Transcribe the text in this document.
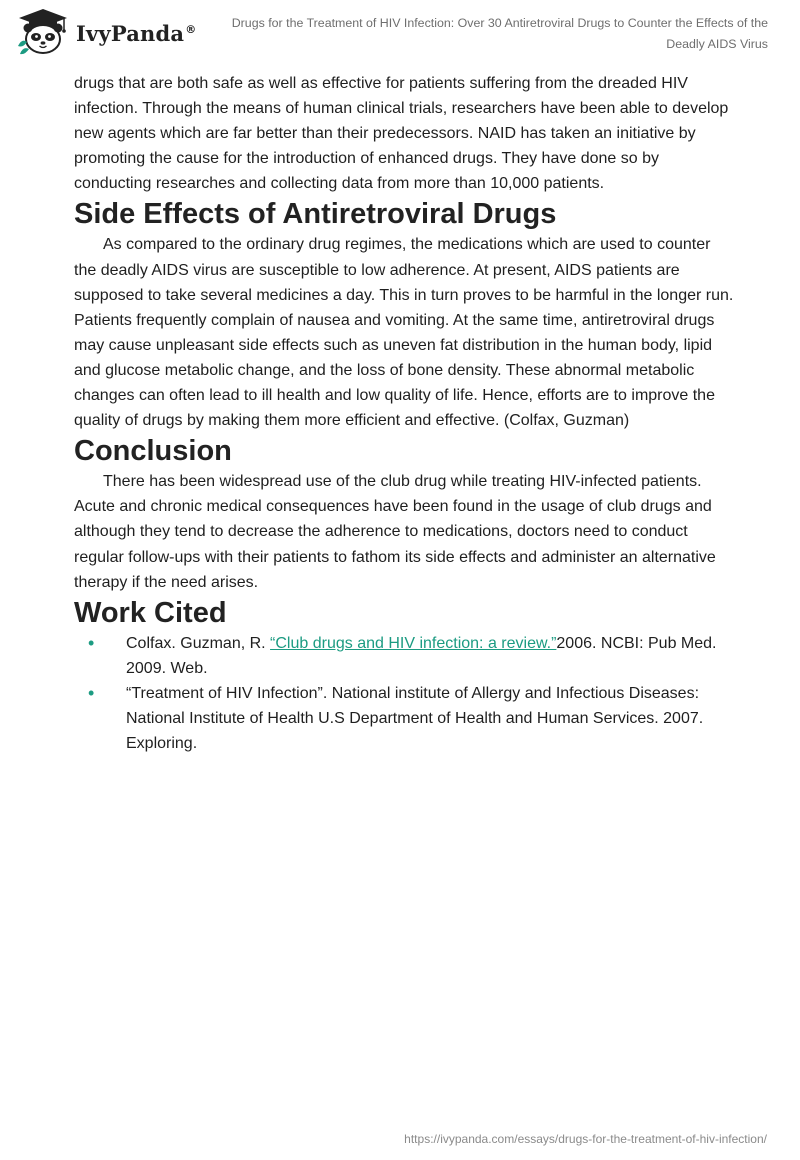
IvyPanda®	Drugs for the Treatment of HIV Infection: Over 30 Antiretroviral Drugs to Counter the Effects of the Deadly AIDS Virus

drugs that are both safe as well as effective for patients suffering from the dreaded HIV infection. Through the means of human clinical trials, researchers have been able to develop new agents which are far better than their predecessors. NAID has taken an initiative by promoting the cause for the introduction of enhanced drugs. They have done so by conducting researches and collecting data from more than 10,000 patients.

Side Effects of Antiretroviral Drugs

As compared to the ordinary drug regimes, the medications which are used to counter the deadly AIDS virus are susceptible to low adherence. At present, AIDS patients are supposed to take several medicines a day. This in turn proves to be harmful in the longer run. Patients frequently complain of nausea and vomiting. At the same time, antiretroviral drugs may cause unpleasant side effects such as uneven fat distribution in the human body, lipid and glucose metabolic change, and the loss of bone density. These abnormal metabolic changes can often lead to ill health and low quality of life. Hence, efforts are to improve the quality of drugs by making them more efficient and effective. (Colfax, Guzman)

Conclusion

There has been widespread use of the club drug while treating HIV-infected patients. Acute and chronic medical consequences have been found in the usage of club drugs and although they tend to decrease the adherence to medications, doctors need to conduct regular follow-ups with their patients to fathom its side effects and administer an alternative therapy if the need arises.

Work Cited
• Colfax. Guzman, R. “Club drugs and HIV infection: a review.”2006. NCBI: Pub Med. 2009. Web.
• “Treatment of HIV Infection”. National institute of Allergy and Infectious Diseases: National Institute of Health U.S Department of Health and Human Services. 2007. Exploring.
https://ivypanda.com/essays/drugs-for-the-treatment-of-hiv-infection/
